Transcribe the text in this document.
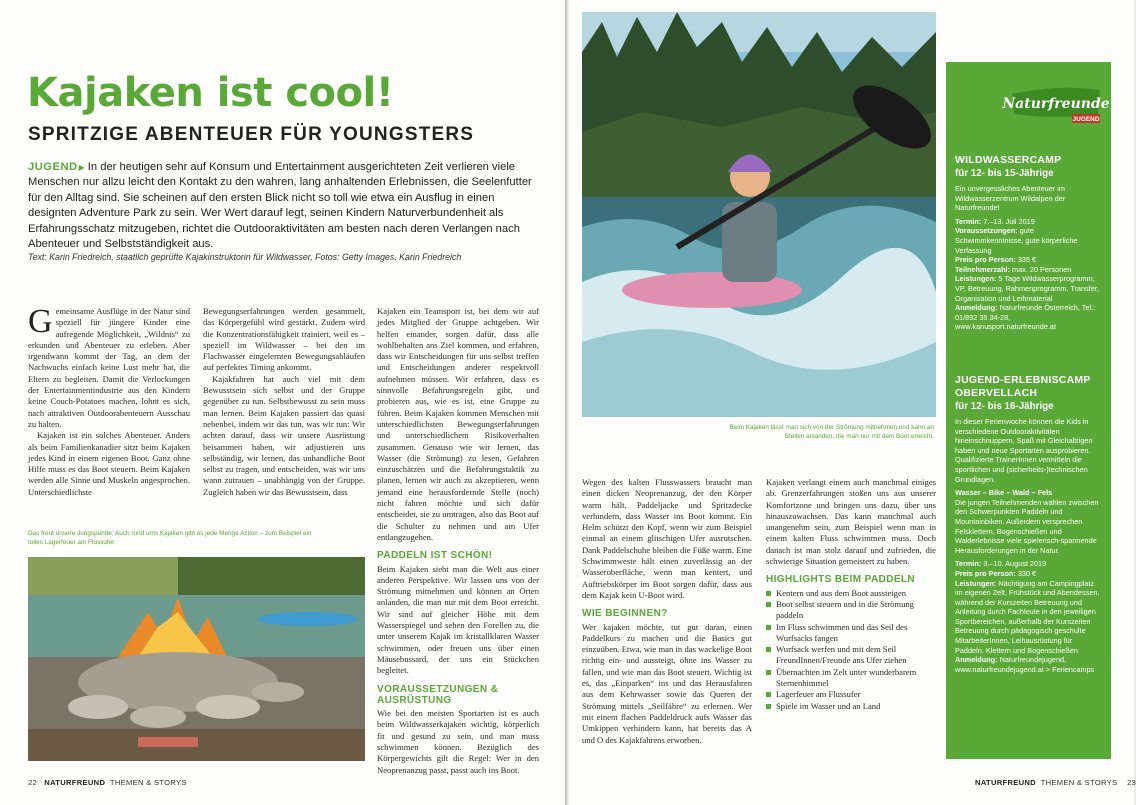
Kajaken ist cool!
SPRITZIGE ABENTEUER FÜR YOUNGSTERS

JUGEND▶ In der heutigen sehr auf Konsum und Entertainment ausgerichteten Zeit verlieren viele Menschen nur allzu leicht den Kontakt zu den wahren, lang anhaltenden Erlebnissen, die Seelenfutter für den Alltag sind. Sie scheinen auf den ersten Blick nicht so toll wie etwa ein Ausflug in einen designten Adventure Park zu sein. Wer Wert darauf legt, seinen Kindern Naturverbundenheit als Erfahrungsschatz mitzugeben, richtet die Outdooraktivitäten am besten nach deren Verlangen nach Abenteuer und Selbstständigkeit aus.

Text: Karin Friedreich, staatlich geprüfte Kajakinstruktorin für Wildwasser, Fotos: Getty Images, Karin Friedreich

Gemeinsame Ausflüge in der Natur sind speziell für jüngere Kinder eine aufregende Möglichkeit, „Wildnis“ zu erkunden und Abenteuer zu erleben. Aber irgendwann kommt der Tag, an dem der Nachwuchs einfach keine Lust mehr hat, die Eltern zu begleiten. Damit die Verlockungen der Entertainmentindustrie aus den Kindern keine Couch-Potatoes machen, lohnt es sich, nach attraktiven Outdoorabenteuern Ausschau zu halten.

Kajaken ist ein solches Abenteuer. Anders als beim Familienkanadier sitzt beim Kajaken jedes Kind in einem eigenen Boot. Ganz ohne Hilfe muss es das Boot steuern. Beim Kajaken werden alle Sinne und Muskeln angesprochen. Unterschiedlichste

Bewegungserfahrungen werden gesammelt, das Körpergefühl wird gestärkt. Zudem wird die Konzentrationsfähigkeit trainiert, weil es – speziell im Wildwasser – bei den im Flachwasser eingelernten Bewegungsabläufen auf perfektes Timing ankommt.

Kajakfahren hat auch viel mit dem Bewusstsein sich selbst und der Gruppe gegenüber zu tun. Selbstbewusst zu sein muss man lernen. Beim Kajaken passiert das quasi nebenbei, indem wir das tun, was wir tun: Wir achten darauf, dass wir unsere Ausrüstung beisammen haben, wir adjustieren uns selbständig, wir lernen, das unhandliche Boot selbst zu tragen, und entscheiden, was wir uns wann zutrauen – unabhängig von der Gruppe. Zugleich haben wir das Bewusstsein, dass

Kajaken ein Teamsport ist, bei dem wir auf jedes Mitglied der Gruppe achtgeben. Wir helfen einander, sorgen dafür, dass alle wohlbehalten ans Ziel kommen, und erfahren, dass wir Entscheidungen für uns selbst treffen und Entscheidungen anderer respektvoll aufnehmen müssen. Wir erfahren, dass es sinnvolle Befahrungsregeln gibt, und probieren aus, wie es ist, eine Gruppe zu führen. Beim Kajaken kommen Menschen mit unterschiedlichsten Bewegungserfahrungen und unterschiedlichem Risikoverhalten zusammen. Genauso wie wir lernen, das Wasser (die Strömung) zu lesen, Gefahren einzuschätzen und die Befahrungstaktik zu planen, lernen wir auch zu akzeptieren, wenn jemand eine herausfordernde Stelle (noch) nicht fahren möchte und sich dafür entscheidet, sie zu umtragen, also das Boot auf die Schulter zu nehmen und am Ufer entlangzugehen.

PADDELN IST SCHÖN!

Beim Kajaken sieht man die Welt aus einer anderen Perspektive. Wir lassen uns von der Strömung mitnehmen und können an Orten anlanden, die man nur mit dem Boot erreicht. Wir sind auf gleicher Höhe mit dem Wasserspiegel und sehen den Forellen zu, die unter unserem Kajak im kristallklaren Wasser schwimmen, oder freuen uns über einen Mäusebussard, der uns ein Stückchen begleitet.

VORAUSSETZUNGEN & AUSRÜSTUNG

Wie bei den meisten Sportarten ist es auch beim Wildwasserkajaken wichtig, körperlich fit und gesund zu sein, und man muss schwimmen können. Bezüglich des Körpergewichts gilt die Regel: Wer in den Neoprenanzug passt, passt auch ins Boot.

Das freut unsere Jungspunde: Auch rund ums Kajaken gibt es jede Menge Action – zum Beispiel ein tolles Lagerfeuer am Flussufer.

22 NATURFREUND THEMEN & STORYS

Beim Kajaken lässt man sich von der Strömung mitnehmen und kann an Stellen anlanden, die man nur mit dem Boot erreicht.

Wegen des kalten Flusswassers braucht man einen dicken Neoprenanzug, der den Körper warm hält. Paddeljacke und Spritzdecke verhindern, dass Wasser ins Boot kommt. Ein Helm schützt den Kopf, wenn wir zum Beispiel einmal an einem glitschigen Ufer ausrutschen. Dank Paddelschuhe bleiben die Füße warm. Eine Schwimmweste hält einen zuverlässig an der Wasseroberfläche, wenn man kentert, und Auftriebskörper im Boot sorgen dafür, dass aus dem Kajak kein U-Boot wird.

WIE BEGINNEN?

Wer kajaken möchte, tut gut daran, einen Paddelkurs zu machen und die Basics gut einzuüben. Etwa, wie man in das wackelige Boot richtig ein- und aussteigt, ohne ins Wasser zu fallen, und wie man das Boot steuert. Wichtig ist es, das „Einparken“ ins und das Herausfahren aus dem Kehrwasser sowie das Queren der Strömung mittels „Seilfähre“ zu erlernen. Wer mit einem flachen Paddeldruck aufs Wasser das Umkippen verhindern kann, hat bereits das A und O des Kajakfahrens erworben.

Kajaken verlangt einem auch manchmal einiges ab. Grenzerfahrungen stoßen uns aus unserer Komfortzone und bringen uns dazu, über uns hinauszuwachsen. Das kann manchmal auch unangenehm sein, zum Beispiel wenn man in einem kalten Fluss schwimmen muss. Doch danach ist man stolz darauf und zufrieden, die schwierige Situation gemeistert zu haben.

HIGHLIGHTS BEIM PADDELN
Kentern und aus dem Boot aussteigen
Boot selbst steuern und in die Strömung paddeln
Im Fluss schwimmen und das Seil des Wurfsacks fangen
Wurfsack werfen und mit dem Seil FreundInnen/Freunde ans Ufer ziehen
Übernachten im Zelt unter wunderbarem Sternenhimmel
Lagerfeuer am Flussufer
Spiele im Wasser und an Land
Naturfreunde
JUGEND
WILDWASSERCAMP
für 12- bis 15-Jährige
Ein unvergessliches Abenteuer im Wildwasserzentrum Wildalpen der Naturfreunde!
Termin: 7.–13. Juli 2019
Voraussetzungen: gute Schwimmkenntnisse, gute körperliche Verfassung
Preis pro Person: 335 €
Teilnehmerzahl: max. 20 Personen
Leistungen: 5 Tage Wildwasserprogramm, VP, Betreuung, Rahmenprogramm, Transfer, Organisation und Leihmaterial
Anmeldung: Naturfreunde Österreich, Tel.: 01/892 35 34-28, www.kanusport.naturfreunde.at
JUGEND-ERLEBNISCAMP OBERVELLACH
für 12- bis 16-Jährige
In dieser Ferienwoche können die Kids in verschiedene Outdooraktivitäten hineinschnuppern, Spaß mit Gleichaltrigen haben und neue Sportarten ausprobieren. Qualifizierte TrainerInnen vermitteln die sportlichen und (sicherheits-)technischen Grundlagen.
Wasser – Bike – Wald – Fels
Die jungen Teilnehmenden wählen zwischen den Schwerpunkten Paddeln und Mountainbiken. Außerdem versprechen Felsklettern, Bogenschießen und Walderlebnisse viele spielerisch-spannende Herausforderungen in der Natur.
Termin: 3.–10. August 2019
Preis pro Person: 330 €
Leistungen: Nächtigung am Campingplatz im eigenen Zelt, Frühstück und Abendessen, während der Kurszeiten Betreuung und Anleitung durch Fachleute in den jeweiligen Sportbereichen, außerhalb der Kurszeiten Betreuung durch pädagogisch geschulte MitarbeiterInnen, Leihausrüstung für Paddeln, Klettern und Bogenschießen
Anmeldung: Naturfreundejugend, www.naturfreundejugend.at > Feriencamps
NATURFREUND THEMEN & STORYS 23
